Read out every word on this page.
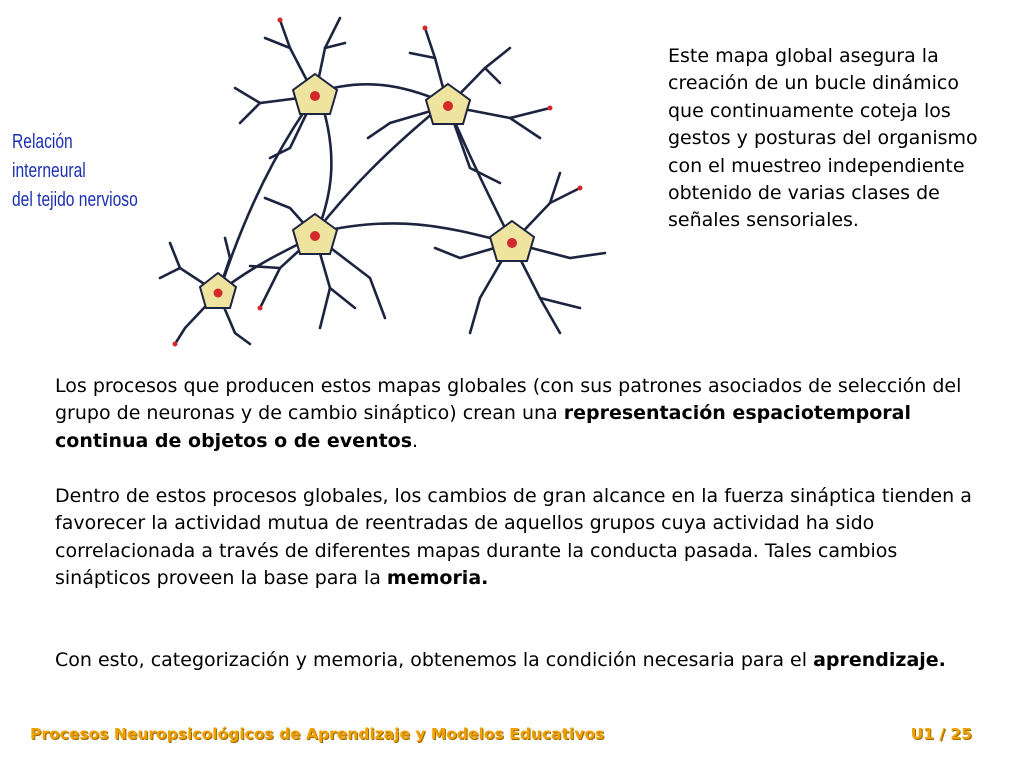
Relación
interneural
del tejido nervioso
Este mapa global asegura la creación de un bucle dinámico que continuamente coteja los gestos y posturas del organismo con el muestreo independiente obtenido de varias clases de señales sensoriales.

Los procesos que producen estos mapas globales (con sus patrones asociados de selección del grupo de neuronas y de cambio sináptico) crean una representación espaciotemporal continua de objetos o de eventos.

Dentro de estos procesos globales, los cambios de gran alcance en la fuerza sináptica tienden a favorecer la actividad mutua de reentradas de aquellos grupos cuya actividad ha sido correlacionada a través de diferentes mapas durante la conducta pasada. Tales cambios sinápticos proveen la base para la memoria.

Con esto, categorización y memoria, obtenemos la condición necesaria para el aprendizaje.

Procesos Neuropsicológicos de Aprendizaje y Modelos Educativos	U1 / 25
